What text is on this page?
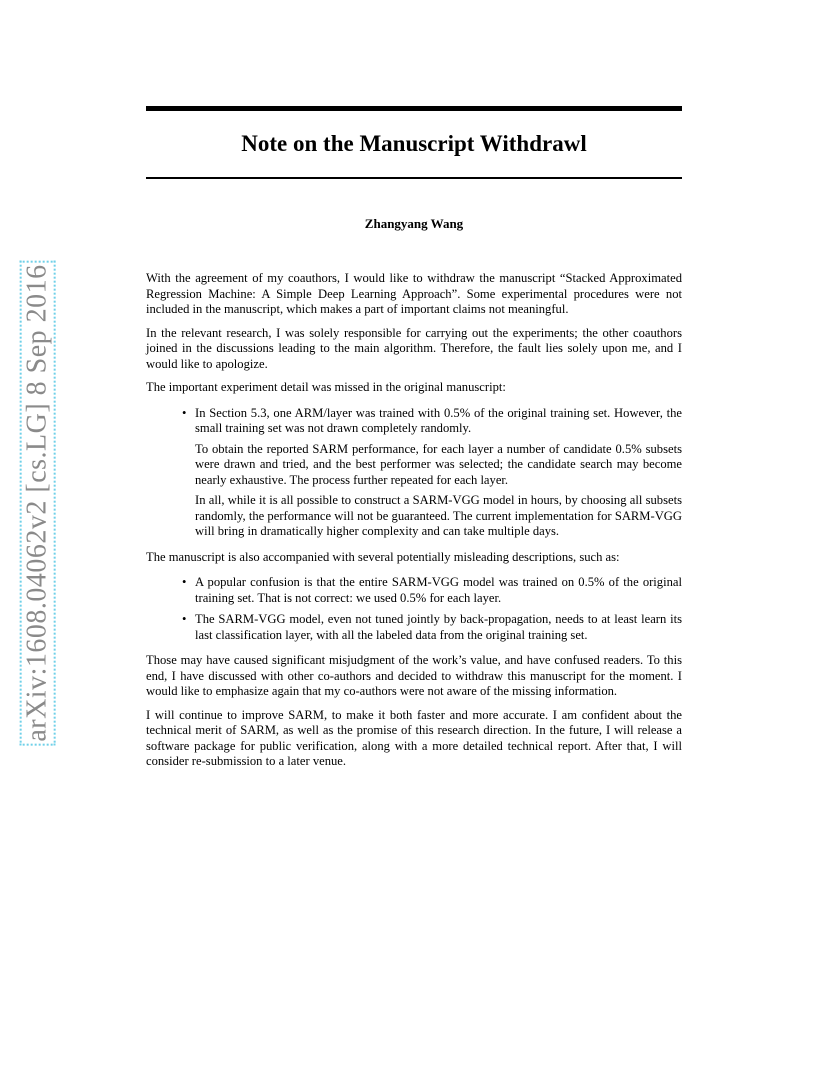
arXiv:1608.04062v2 [cs.LG] 8 Sep 2016
Note on the Manuscript Withdrawl
Zhangyang Wang

With the agreement of my coauthors, I would like to withdraw the manuscript “Stacked Approximated Regression Machine: A Simple Deep Learning Approach”. Some experimental procedures were not included in the manuscript, which makes a part of important claims not meaningful.

In the relevant research, I was solely responsible for carrying out the experiments; the other coauthors joined in the discussions leading to the main algorithm. Therefore, the fault lies solely upon me, and I would like to apologize.

The important experiment detail was missed in the original manuscript:

• In Section 5.3, one ARM/layer was trained with 0.5% of the original training set. However, the small training set was not drawn completely randomly.

To obtain the reported SARM performance, for each layer a number of candidate 0.5% subsets were drawn and tried, and the best performer was selected; the candidate search may become nearly exhaustive. The process further repeated for each layer.

In all, while it is all possible to construct a SARM-VGG model in hours, by choosing all subsets randomly, the performance will not be guaranteed. The current implementation for SARM-VGG will bring in dramatically higher complexity and can take multiple days.

The manuscript is also accompanied with several potentially misleading descriptions, such as:

• A popular confusion is that the entire SARM-VGG model was trained on 0.5% of the original training set. That is not correct: we used 0.5% for each layer.

• The SARM-VGG model, even not tuned jointly by back-propagation, needs to at least learn its last classification layer, with all the labeled data from the original training set.

Those may have caused significant misjudgment of the work’s value, and have confused readers. To this end, I have discussed with other co-authors and decided to withdraw this manuscript for the moment. I would like to emphasize again that my co-authors were not aware of the missing information.

I will continue to improve SARM, to make it both faster and more accurate. I am confident about the technical merit of SARM, as well as the promise of this research direction. In the future, I will release a software package for public verification, along with a more detailed technical report. After that, I will consider re-submission to a later venue.
